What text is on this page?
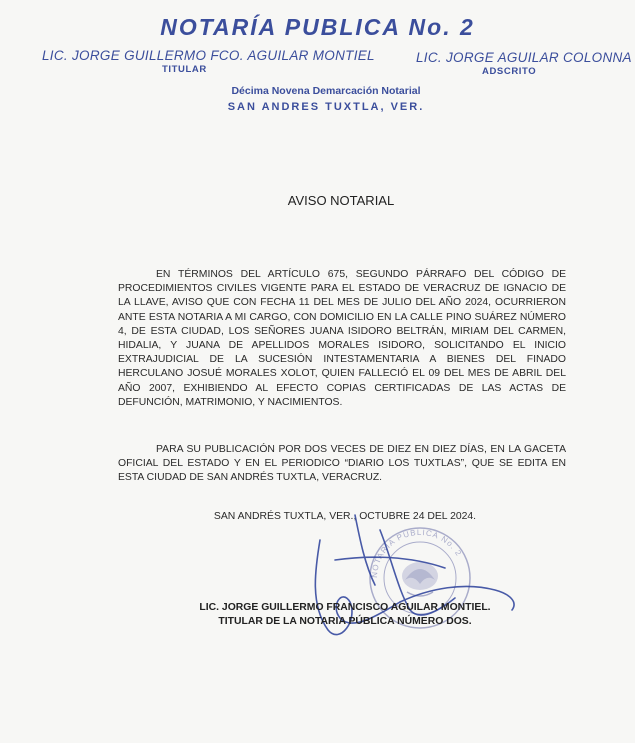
NOTARÍA PUBLICA No. 2
LIC. JORGE GUILLERMO FCO. AGUILAR MONTIEL
TITULAR
LIC. JORGE AGUILAR COLONNA
ADSCRITO
Décima Novena Demarcación Notarial
SAN ANDRES TUXTLA, VER.
AVISO NOTARIAL
EN TÉRMINOS DEL ARTÍCULO 675, SEGUNDO PÁRRAFO DEL CÓDIGO DE PROCEDIMIENTOS CIVILES VIGENTE PARA EL ESTADO DE VERACRUZ DE IGNACIO DE LA LLAVE, AVISO QUE CON FECHA 11 DEL MES DE JULIO DEL AÑO 2024, OCURRIERON ANTE ESTA NOTARIA A MI CARGO, CON DOMICILIO EN LA CALLE PINO SUÁREZ NÚMERO 4, DE ESTA CIUDAD, LOS SEÑORES JUANA ISIDORO BELTRÁN, MIRIAM DEL CARMEN, HIDALIA, Y JUANA DE APELLIDOS MORALES ISIDORO, SOLICITANDO EL INICIO EXTRAJUDICIAL DE LA SUCESIÓN INTESTAMENTARIA A BIENES DEL FINADO HERCULANO JOSUÉ MORALES XOLOT, QUIEN FALLECIÓ EL 09 DEL MES DE ABRIL DEL AÑO 2007, EXHIBIENDO AL EFECTO COPIAS CERTIFICADAS DE LAS ACTAS DE DEFUNCIÓN, MATRIMONIO, Y NACIMIENTOS.
PARA SU PUBLICACIÓN POR DOS VECES DE DIEZ EN DIEZ DÍAS, EN LA GACETA OFICIAL DEL ESTADO Y EN EL PERIODICO “DIARIO LOS TUXTLAS”, QUE SE EDITA EN ESTA CIUDAD DE SAN ANDRÉS TUXTLA, VERACRUZ.
SAN ANDRÉS TUXTLA, VER., OCTUBRE 24 DEL 2024.
NOTARÍA PUBLICA No. 2
LIC. JORGE GUILLERMO FRANCISCO AGUILAR MONTIEL.
TITULAR DE LA NOTARIA PÚBLICA NÚMERO DOS.
